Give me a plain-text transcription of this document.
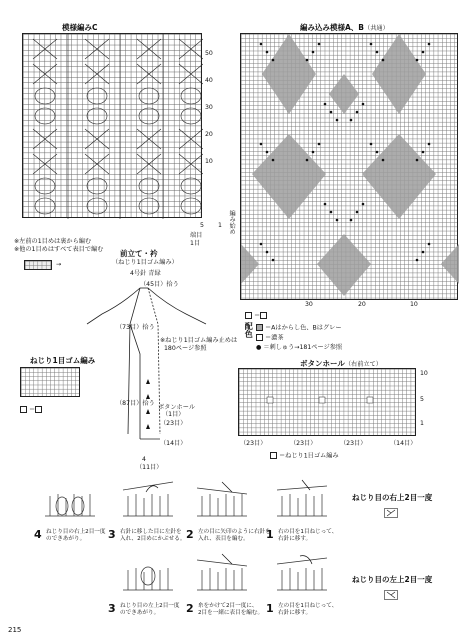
模様編みC
50
40
30
20
10
編み始め
5 1
端目
1目
※左前の1目めは裏から編む
※他の1目めはすべて表目で編む
→
編み込み模様A、B（共通）
30	20	10
＝
配色	＝Aはからし色、Bはグレー
＝濃茶
● ＝刺しゅう→181ページ参照
前立て・衿
（ねじり1目ゴム編み）
4号針 青緑
（45目）拾う
（73目）拾う
（87目）拾う
※ねじり1目ゴム編み止めは
180ページ参照
ボタンホール
（1目）
（23目）
（14目）
4
（11目）
ねじり1目ゴム編み
＝
ボタンホール（右前立て）
10
5
1
（23目）	（23目）	（23目）	（14目）
＝ねじり1目ゴム編み
4 ねじり目の右上2目一度
のできあがり。	3 右針に移した目に左針を
入れ、2目めにかぶせる。 2 左の目に矢印のように右針を
入れ、表目を編む。	1 右の目を1目ねじって、
右針に移す。
ねじり目の右上2目一度
3 ねじり目の左上2目一度
のできあがり。	2 糸をかけて2目一度に、
2目を一緒に表目を編む。 1 左の目を1目ねじって、
右針に移す。
ねじり目の左上2目一度
215
